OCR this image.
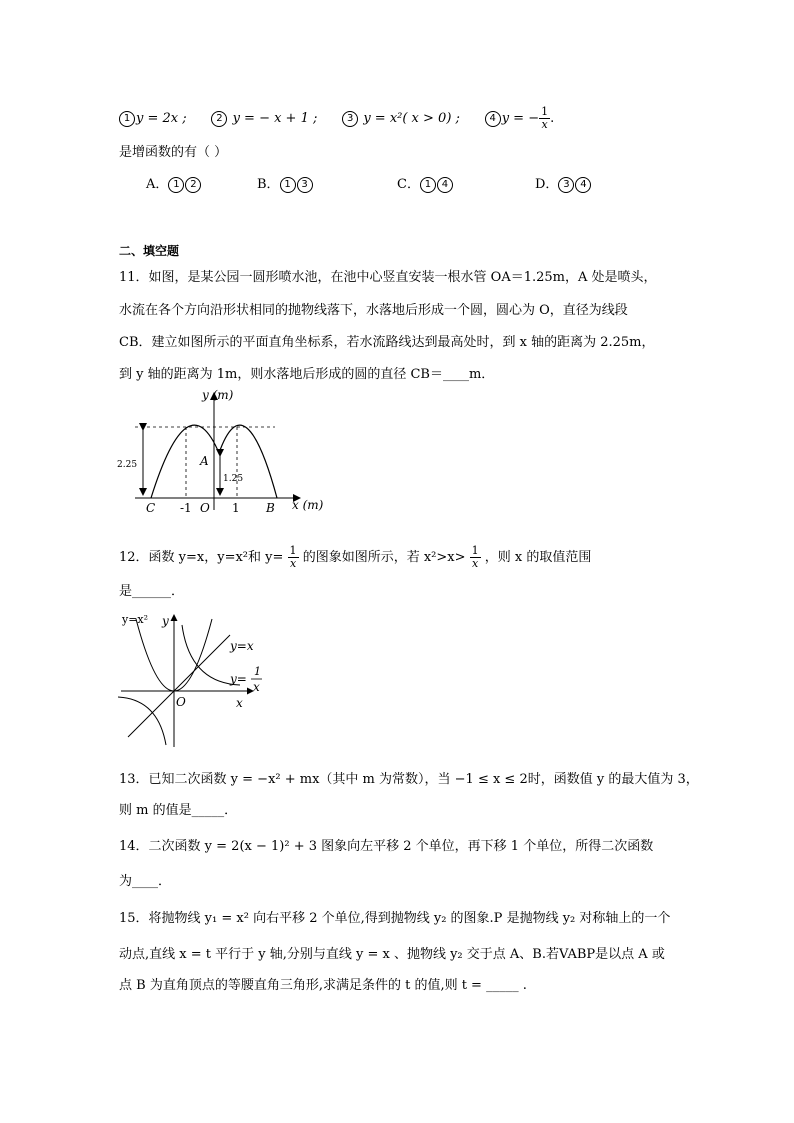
1 y = 2x ;	2 y = − x + 1 ;	3 y = x²( x > 0) ;	4 y = − $\frac{1}{x}$ .
是增函数的有（ ）
A． 1 2	B． 1 3	C． 1 4	D． 3 4
二、填空题
11．如图，是某公园一圆形喷水池，在池中心竖直安装一根水管 OA＝1.25m，A 处是喷头，
水流在各个方向沿形状相同的抛物线落下，水落地后形成一个圆，圆心为 O，直径为线段
CB．建立如图所示的平面直角坐标系，若水流路线达到最高处时，到 x 轴的距离为 2.25m，
到 y 轴的距离为 1m，则水落地后形成的圆的直径 CB＝____m．
2.25
1.25
A
y (m)
x (m)
C -1 O 1 B
12．函数 y=x，y=x²和 $y= \frac{1}{x}$ 的图象如图所示，若 $x^2>x> \frac{1}{x}$ ，则 x 的取值范围
是______．
y=x² y
y=x
y=
1
x
O	x
13．已知二次函数 y = −x² + mx（其中 m 为常数），当 −1 ≤ x ≤ 2时，函数值 y 的最大值为 3，
则 m 的值是_____．
14．二次函数 y = 2(x − 1)² + 3 图象向左平移 2 个单位，再下移 1 个单位，所得二次函数
为____．
15．将抛物线 y₁ = x² 向右平移 2 个单位,得到抛物线 y₂ 的图象.P 是抛物线 y₂ 对称轴上的一个
动点,直线 x = t 平行于 y 轴,分别与直线 y = x 、抛物线 y₂ 交于点 A、B.若VABP是以点 A 或
点 B 为直角顶点的等腰直角三角形,求满足条件的 t 的值,则 t = _____ .
